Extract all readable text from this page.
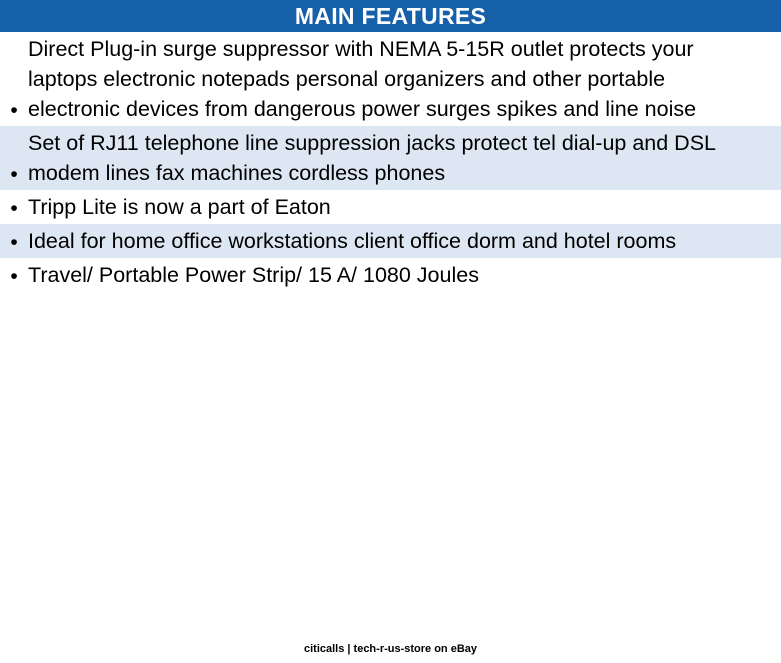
MAIN FEATURES
•
Direct Plug-in surge suppressor with NEMA 5-15R outlet protects your laptops electronic notepads personal organizers and other portable electronic devices from dangerous power surges spikes and line noise
•
Set of RJ11 telephone line suppression jacks protect tel dial-up and DSL modem lines fax machines cordless phones
• Tripp Lite is now a part of Eaton
• Ideal for home office workstations client office dorm and hotel rooms
• Travel/ Portable Power Strip/ 15 A/ 1080 Joules
citicalls | tech-r-us-store on eBay
